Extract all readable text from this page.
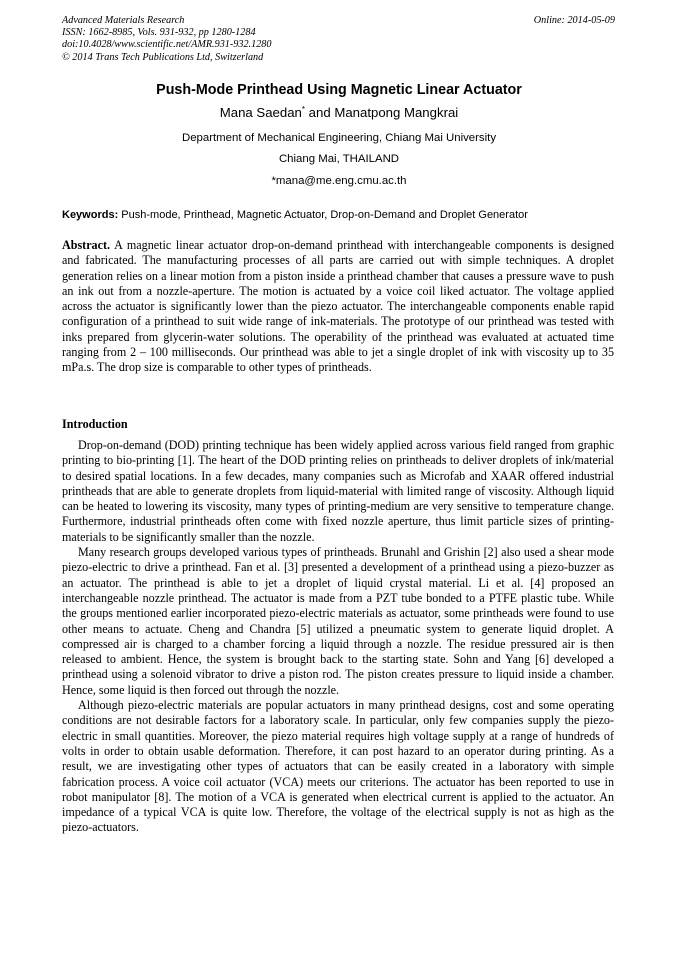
Advanced Materials Research
ISSN: 1662-8985, Vols. 931-932, pp 1280-1284
doi:10.4028/www.scientific.net/AMR.931-932.1280
© 2014 Trans Tech Publications Ltd, Switzerland
Online: 2014-05-09
Push-Mode Printhead Using Magnetic Linear Actuator
Mana Saedan* and Manatpong Mangkrai
Department of Mechanical Engineering, Chiang Mai University
Chiang Mai, THAILAND
*mana@me.eng.cmu.ac.th
Keywords: Push-mode, Printhead, Magnetic Actuator, Drop-on-Demand and Droplet Generator
Abstract. A magnetic linear actuator drop-on-demand printhead with interchangeable components is designed and fabricated. The manufacturing processes of all parts are carried out with simple techniques. A droplet generation relies on a linear motion from a piston inside a printhead chamber that causes a pressure wave to push an ink out from a nozzle-aperture. The motion is actuated by a voice coil liked actuator. The voltage applied across the actuator is significantly lower than the piezo actuator. The interchangeable components enable rapid configuration of a printhead to suit wide range of ink-materials. The prototype of our printhead was tested with inks prepared from glycerin-water solutions. The operability of the printhead was evaluated at actuated time ranging from 2 – 100 milliseconds. Our printhead was able to jet a single droplet of ink with viscosity up to 35 mPa.s. The drop size is comparable to other types of printheads.
Introduction

Drop-on-demand (DOD) printing technique has been widely applied across various field ranged from graphic printing to bio-printing [1]. The heart of the DOD printing relies on printheads to deliver droplets of ink/material to desired spatial locations. In a few decades, many companies such as Microfab and XAAR offered industrial printheads that are able to generate droplets from liquid-material with limited range of viscosity. Although liquid can be heated to lowering its viscosity, many types of printing-medium are very sensitive to temperature change. Furthermore, industrial printheads often come with fixed nozzle aperture, thus limit particle sizes of printing-materials to be significantly smaller than the nozzle.

Many research groups developed various types of printheads. Brunahl and Grishin [2] also used a shear mode piezo-electric to drive a printhead. Fan et al. [3] presented a development of a printhead using a piezo-buzzer as an actuator. The printhead is able to jet a droplet of liquid crystal material. Li et al. [4] proposed an interchangeable nozzle printhead. The actuator is made from a PZT tube bonded to a PTFE plastic tube. While the groups mentioned earlier incorporated piezo-electric materials as actuator, some printheads were found to use other means to actuate. Cheng and Chandra [5] utilized a pneumatic system to generate liquid droplet. A compressed air is charged to a chamber forcing a liquid through a nozzle. The residue pressured air is then released to ambient. Hence, the system is brought back to the starting state. Sohn and Yang [6] developed a printhead using a solenoid vibrator to drive a piston rod. The piston creates pressure to liquid inside a chamber. Hence, some liquid is then forced out through the nozzle.

Although piezo-electric materials are popular actuators in many printhead designs, cost and some operating conditions are not desirable factors for a laboratory scale. In particular, only few companies supply the piezo-electric in small quantities. Moreover, the piezo material requires high voltage supply at a range of hundreds of volts in order to obtain usable deformation. Therefore, it can post hazard to an operator during printing. As a result, we are investigating other types of actuators that can be easily created in a laboratory with simple fabrication process. A voice coil actuator (VCA) meets our criterions. The actuator has been reported to use in robot manipulator [8]. The motion of a VCA is generated when electrical current is applied to the actuator. An impedance of a typical VCA is quite low. Therefore, the voltage of the electrical supply is not as high as the piezo-actuators.
